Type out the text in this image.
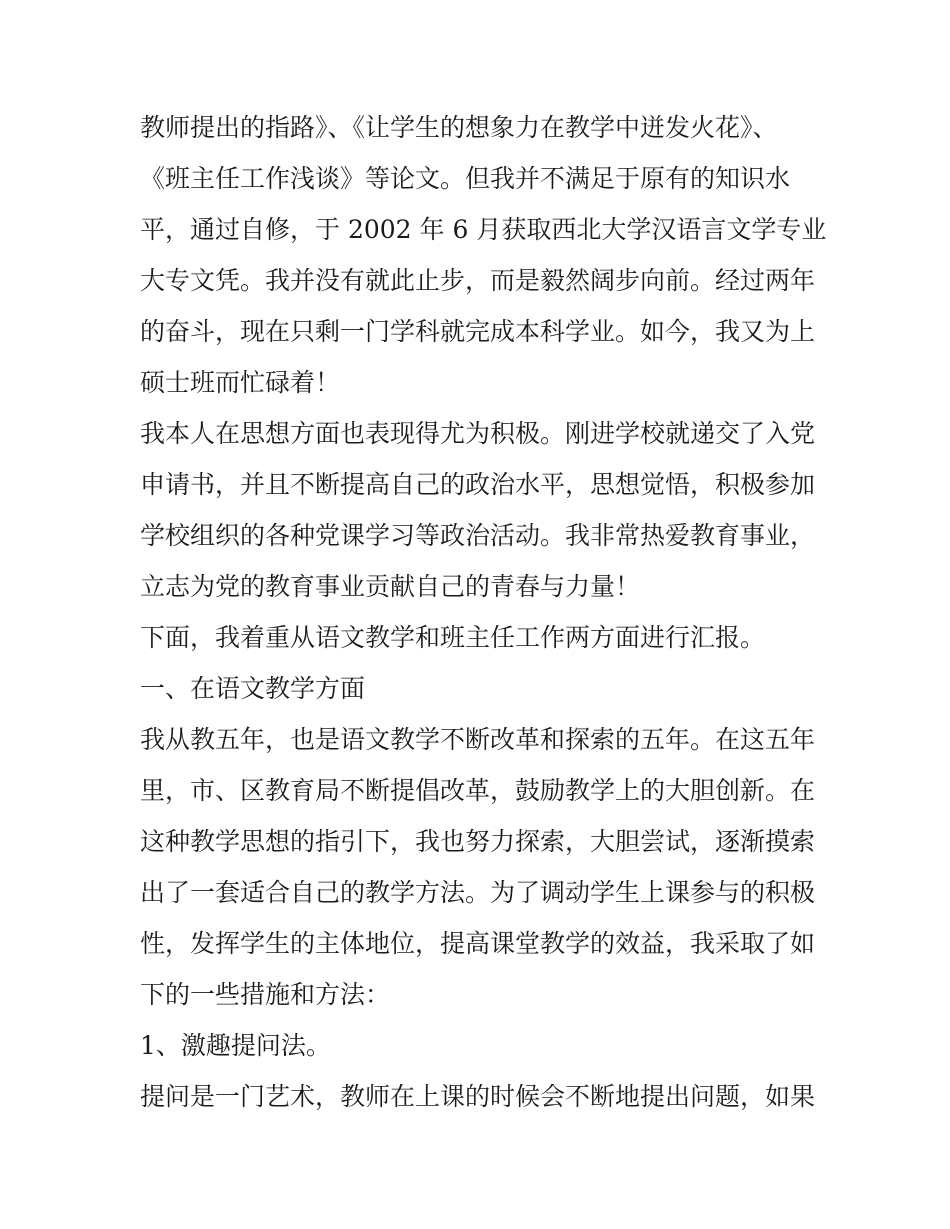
教师提出的指路》、《让学生的想象力在教学中迸发火花》、
《班主任工作浅谈》等论文。但我并不满足于原有的知识水
平，通过自修，于 2002 年 6 月获取西北大学汉语言文学专业
大专文凭。我并没有就此止步，而是毅然阔步向前。经过两年
的奋斗，现在只剩一门学科就完成本科学业。如今，我又为上
硕士班而忙碌着！
我本人在思想方面也表现得尤为积极。刚进学校就递交了入党
申请书，并且不断提高自己的政治水平，思想觉悟，积极参加
学校组织的各种党课学习等政治活动。我非常热爱教育事业，
立志为党的教育事业贡献自己的青春与力量！
下面，我着重从语文教学和班主任工作两方面进行汇报。
一、在语文教学方面
我从教五年，也是语文教学不断改革和探索的五年。在这五年
里，市、区教育局不断提倡改革，鼓励教学上的大胆创新。在
这种教学思想的指引下，我也努力探索，大胆尝试，逐渐摸索
出了一套适合自己的教学方法。为了调动学生上课参与的积极
性，发挥学生的主体地位，提高课堂教学的效益，我采取了如
下的一些措施和方法：
1、激趣提问法。
提问是一门艺术，教师在上课的时候会不断地提出问题，如果
